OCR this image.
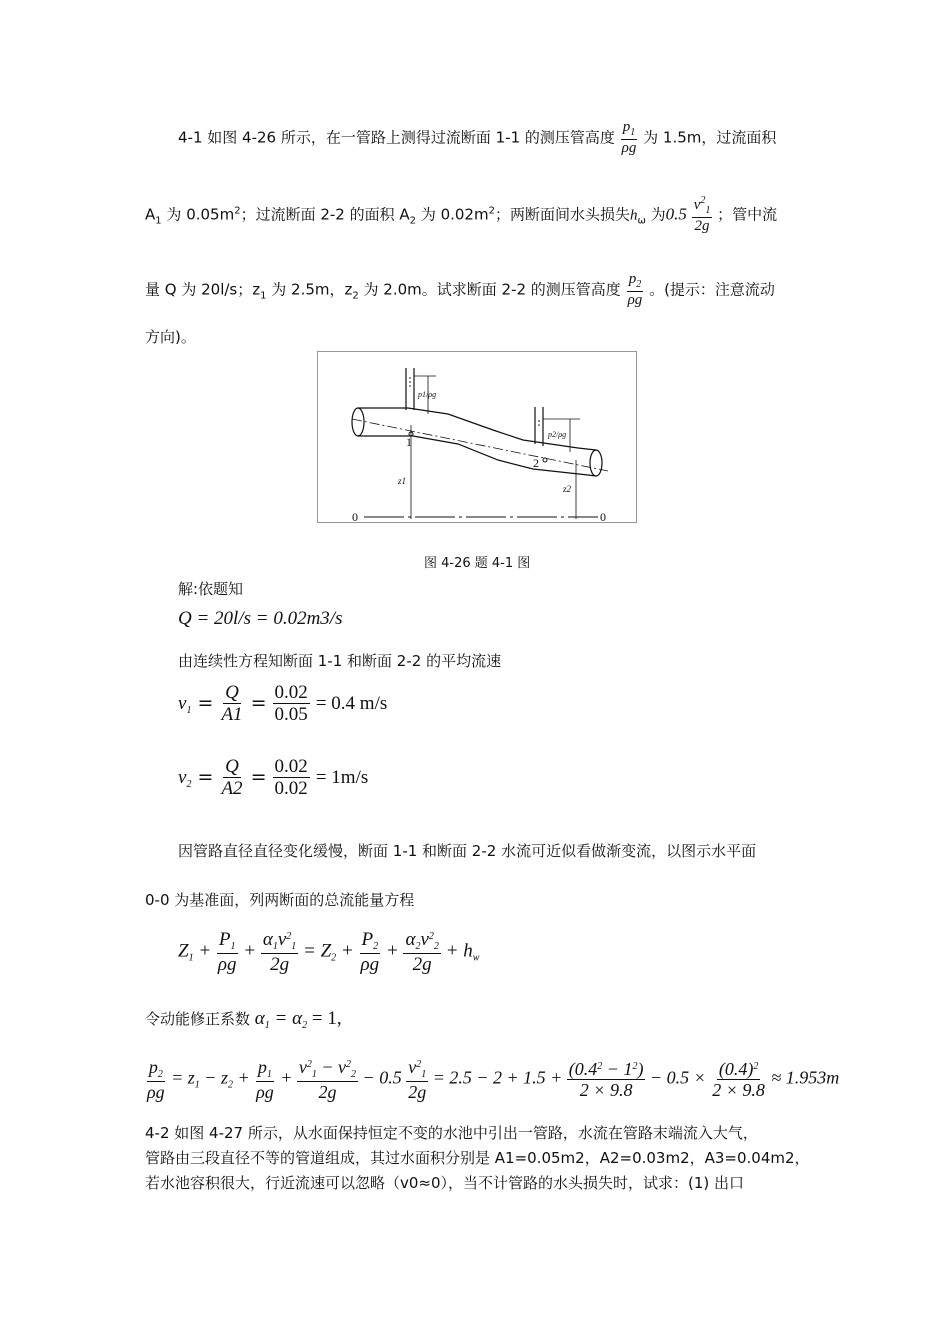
4-1 如图 4-26 所示，在一管路上测得过流断面 1-1 的测压管高度 $\frac{p_1}{\rho g}$ 为 1.5m，过流面积
$A_1$ 为 $0.05m^2$；过流断面 2-2 的面积 $A_2$ 为 $0.02m^2$；两断面间水头损失$h_\omega$ 为$0.5 \frac{v^2_1}{2g}$ ；管中流
量 Q 为 20l/s；$z_1$ 为 2.5m，$z_2$ 为 2.0m。试求断面 2-2 的测压管高度 $\frac{p_2}{\rho g}$ 。(提示：注意流动
方向)。
1
2
0	0
z1
z2
p1/ρg
p2/ρg
图 4-26 题 4-1 图
解:依题知
Q = 20l/s = 0.02m3/s
由连续性方程知断面 1-1 和断面 2-2 的平均流速
$v_1 = \frac{Q}{A1} = \frac{0.02}{0.05} = 0.4$ m/s
$v_2 = \frac{Q}{A2} = \frac{0.02}{0.02} = 1m/s$
因管路直径直径变化缓慢，断面 1-1 和断面 2-2 水流可近似看做渐变流，以图示水平面
0-0 为基准面，列两断面的总流能量方程
$Z_1 + \frac{P_1}{\rho g} + \frac{\alpha_1v^2_1}{2g} = Z_2 + \frac{P_2}{\rho g} + \frac{\alpha_2v^2_2}{2g} + h_w$
令动能修正系数 $\alpha_1 = \alpha_2 = 1$,
$\frac{p_2}{\rho g} = z_1 - z_2 + \frac{p_1}{\rho g} + \frac{v^2_1 - v^2_2}{2g} - 0.5 \frac{v^2_1}{2g} = 2.5 - 2 + 1.5 + \frac{(0.4^2 - 1^2)}{2 \times 9.8} - 0.5 \times \frac{(0.4)^2}{2 \times 9.8} \approx 1.953m$
4-2 如图 4-27 所示，从水面保持恒定不变的水池中引出一管路，水流在管路末端流入大气，
管路由三段直径不等的管道组成，其过水面积分别是 A1=0.05m2，A2=0.03m2，A3=0.04m2，
若水池容积很大，行近流速可以忽略（v0≈0），当不计管路的水头损失时，试求：(1) 出口
